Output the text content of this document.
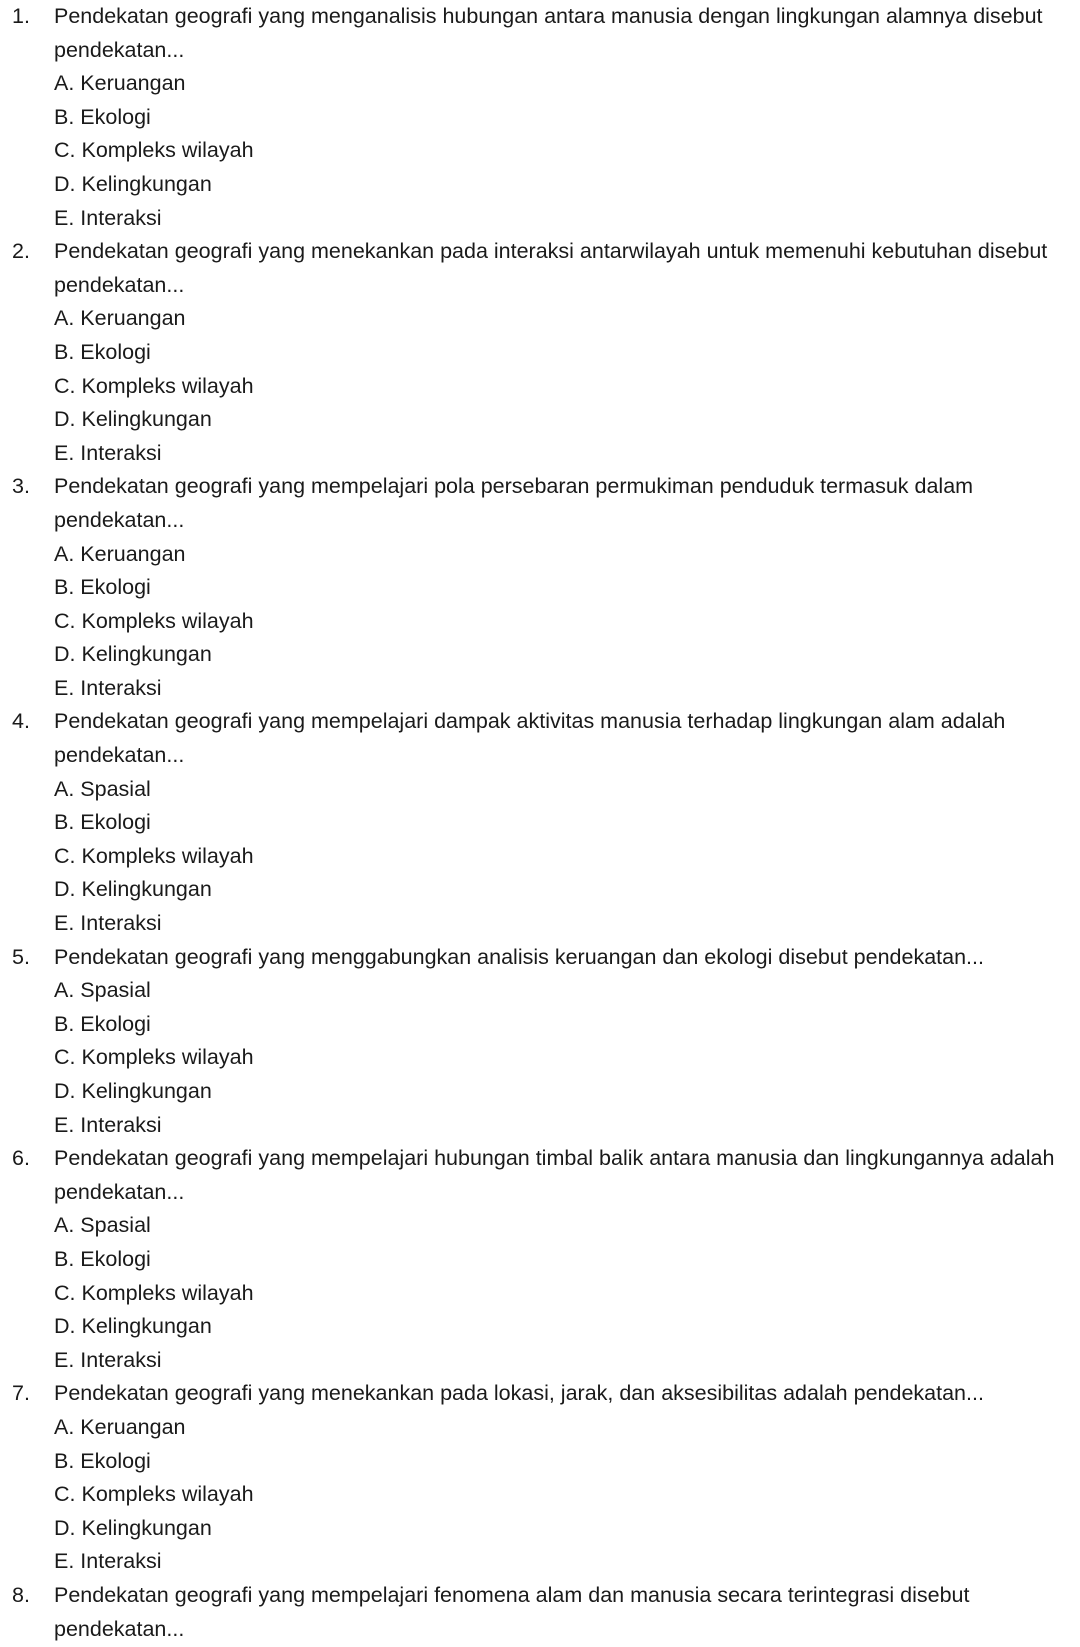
1.	Pendekatan geografi yang menganalisis hubungan antara manusia dengan lingkungan alamnya disebut pendekatan...
A. Keruangan
B. Ekologi
C. Kompleks wilayah
D. Kelingkungan
E. Interaksi
2.	Pendekatan geografi yang menekankan pada interaksi antarwilayah untuk memenuhi kebutuhan disebut pendekatan...
A. Keruangan
B. Ekologi
C. Kompleks wilayah
D. Kelingkungan
E. Interaksi
3.	Pendekatan geografi yang mempelajari pola persebaran permukiman penduduk termasuk dalam pendekatan...
A. Keruangan
B. Ekologi
C. Kompleks wilayah
D. Kelingkungan
E. Interaksi
4.	Pendekatan geografi yang mempelajari dampak aktivitas manusia terhadap lingkungan alam adalah pendekatan...
A. Spasial
B. Ekologi
C. Kompleks wilayah
D. Kelingkungan
E. Interaksi
5.	Pendekatan geografi yang menggabungkan analisis keruangan dan ekologi disebut pendekatan...
A. Spasial
B. Ekologi
C. Kompleks wilayah
D. Kelingkungan
E. Interaksi
6.	Pendekatan geografi yang mempelajari hubungan timbal balik antara manusia dan lingkungannya adalah pendekatan...
A. Spasial
B. Ekologi
C. Kompleks wilayah
D. Kelingkungan
E. Interaksi
7.	Pendekatan geografi yang menekankan pada lokasi, jarak, dan aksesibilitas adalah pendekatan...
A. Keruangan
B. Ekologi
C. Kompleks wilayah
D. Kelingkungan
E. Interaksi
8.	Pendekatan geografi yang mempelajari fenomena alam dan manusia secara terintegrasi disebut pendekatan...
